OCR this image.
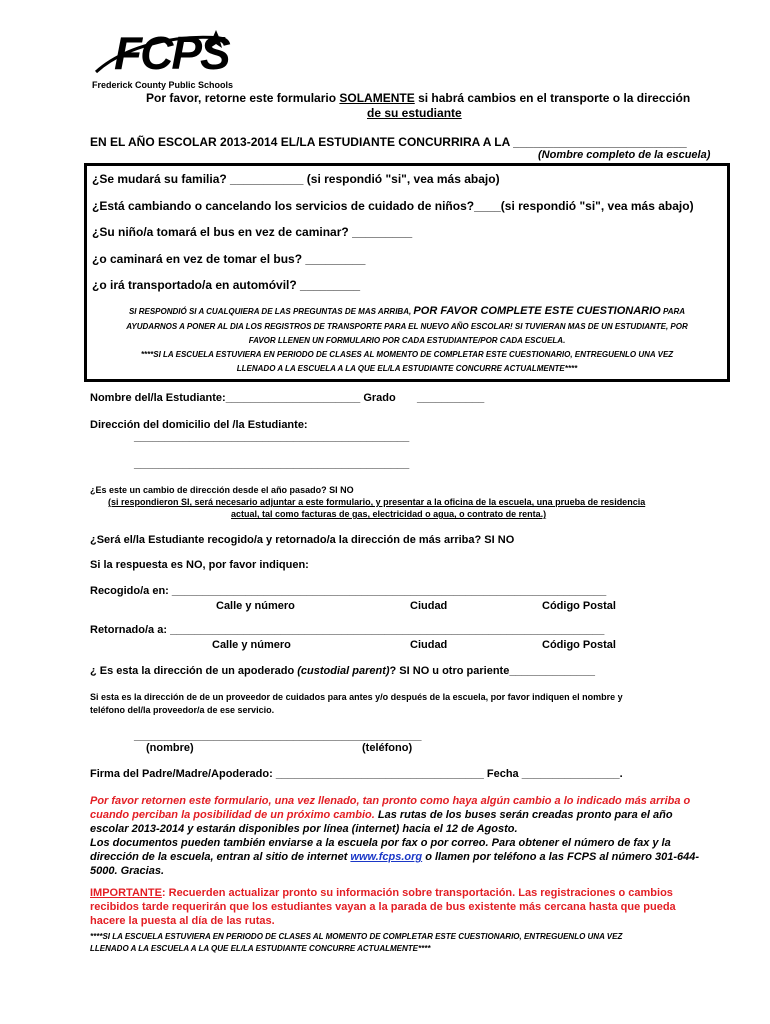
FCPS
Frederick County Public Schools
Por favor, retorne este formulario SOLAMENTE si habrá cambios en el transporte o la dirección
de su estudiante
EN EL AÑO ESCOLAR 2013-2014 EL/LA ESTUDIANTE CONCURRIRA A LA __________________________
(Nombre completo de la escuela)
¿Se mudará su familia? ___________ (si respondió "si", vea más abajo)
¿Está cambiando o cancelando los servicios de cuidado de niños?____(si respondió "si", vea más abajo)
¿Su niño/a tomará el bus en vez de caminar? _________
¿o caminará en vez de tomar el bus? _________
¿o irá transportado/a en automóvil? _________
SI RESPONDIÓ SI A CUALQUIERA DE LAS PREGUNTAS DE MAS ARRIBA, POR FAVOR COMPLETE ESTE CUESTIONARIO PARA
AYUDARNOS A PONER AL DIA LOS REGISTROS DE TRANSPORTE PARA EL NUEVO AÑO ESCOLAR! SI TUVIERAN MAS DE UN ESTUDIANTE, POR
FAVOR LLENEN UN FORMULARIO POR CADA ESTUDIANTE/POR CADA ESCUELA.
****SI LA ESCUELA ESTUVIERA EN PERIODO DE CLASES AL MOMENTO DE COMPLETAR ESTE CUESTIONARIO, ENTREGUENLO UNA VEZ
LLENADO A LA ESCUELA A LA QUE EL/LA ESTUDIANTE CONCURRE ACTUALMENTE****
Nombre del/la Estudiante:______________________ Grado ___________
Dirección del domicilio del /la Estudiante:
_____________________________________________
_____________________________________________
¿Es este un cambio de dirección desde el año pasado? SI NO
(si respondieron SI, será necesario adjuntar a este formulario, y presentar a la oficina de la escuela, una prueba de residencia
actual, tal como facturas de gas, electricidad o agua, o contrato de renta.)
¿Será el/la Estudiante recogido/a y retornado/a la dirección de más arriba? SI NO
Si la respuesta es NO, por favor indiquen:
Recogido/a en: _______________________________________________________________________
Calle y número	Ciudad	Código Postal
Retornado/a a: _______________________________________________________________________
Calle y número	Ciudad	Código Postal
¿ Es esta la dirección de un apoderado (custodial parent)? SI NO u otro pariente______________
Si esta es la dirección de de un proveedor de cuidados para antes y/o después de la escuela, por favor indiquen el nombre y
teléfono del/la proveedor/a de ese servicio.
_______________________________________________
(nombre)	(teléfono)
Firma del Padre/Madre/Apoderado: __________________________________ Fecha ________________.
Por favor retornen este formulario, una vez llenado, tan pronto como haya algún cambio a lo indicado más arriba o
cuando perciban la posibilidad de un próximo cambio. Las rutas de los buses serán creadas pronto para el año
escolar 2013-2014 y estarán disponibles por línea (internet) hacia el 12 de Agosto.
Los documentos pueden también enviarse a la escuela por fax o por correo. Para obtener el número de fax y la
dirección de la escuela, entran al sitio de internet www.fcps.org o llamen por teléfono a las FCPS al número 301-644-
5000. Gracias.
IMPORTANTE: Recuerden actualizar pronto su información sobre transportación. Las registraciones o cambios
recibidos tarde requerirán que los estudiantes vayan a la parada de bus existente más cercana hasta que pueda
hacere la puesta al día de las rutas.
****SI LA ESCUELA ESTUVIERA EN PERIODO DE CLASES AL MOMENTO DE COMPLETAR ESTE CUESTIONARIO, ENTREGUENLO UNA VEZ
LLENADO A LA ESCUELA A LA QUE EL/LA ESTUDIANTE CONCURRE ACTUALMENTE****
